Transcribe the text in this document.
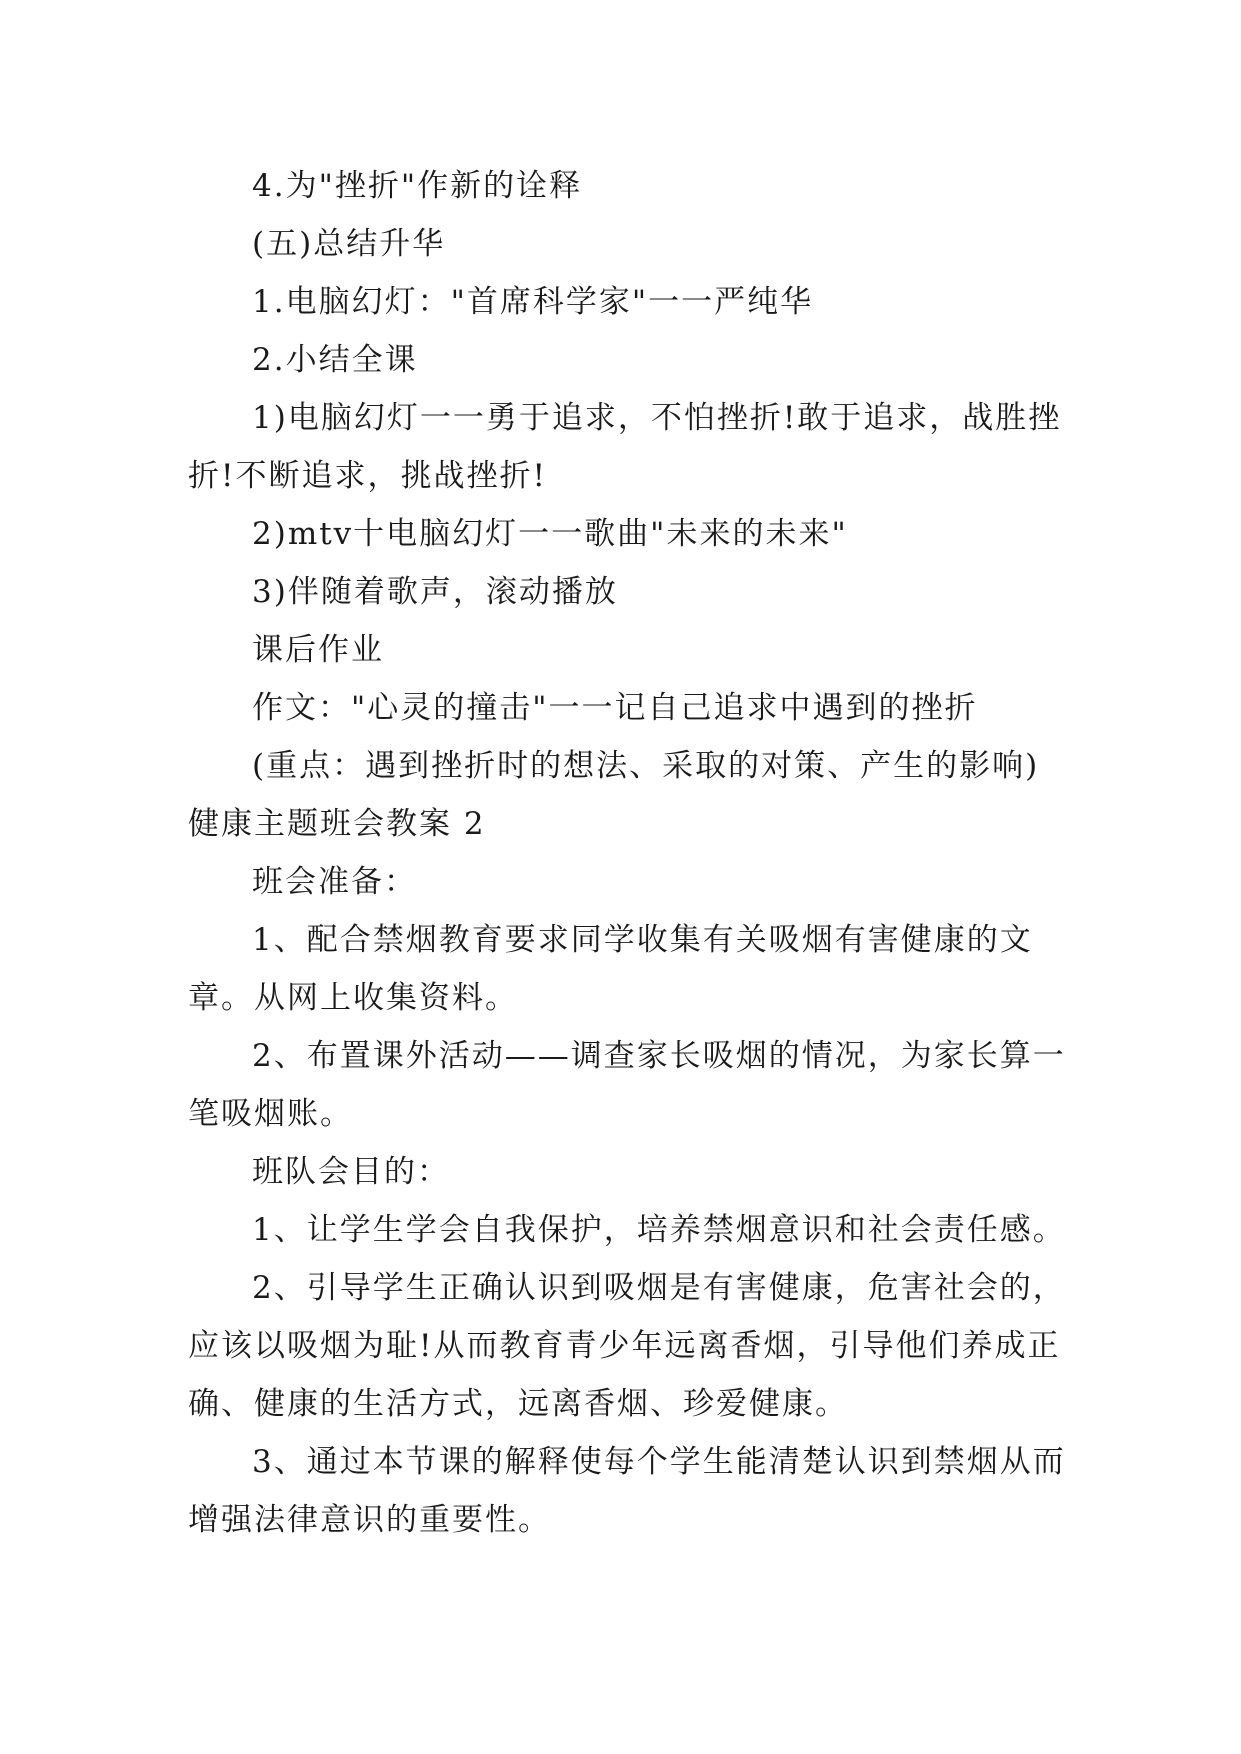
4.为"挫折"作新的诠释

(五)总结升华

1.电脑幻灯："首席科学家"一一严纯华

2.小结全课

1)电脑幻灯一一勇于追求，不怕挫折!敢于追求，战胜挫折!不断追求，挑战挫折!

2)mtv十电脑幻灯一一歌曲"未来的未来"

3)伴随着歌声，滚动播放

课后作业

作文："心灵的撞击"一一记自己追求中遇到的挫折

(重点：遇到挫折时的想法、采取的对策、产生的影响)

健康主题班会教案 2

班会准备：

1、配合禁烟教育要求同学收集有关吸烟有害健康的文章。从网上收集资料。

2、布置课外活动——调查家长吸烟的情况，为家长算一笔吸烟账。

班队会目的：

1、让学生学会自我保护，培养禁烟意识和社会责任感。

2、引导学生正确认识到吸烟是有害健康，危害社会的，应该以吸烟为耻!从而教育青少年远离香烟，引导他们养成正确、健康的生活方式，远离香烟、珍爱健康。

3、通过本节课的解释使每个学生能清楚认识到禁烟从而增强法律意识的重要性。
